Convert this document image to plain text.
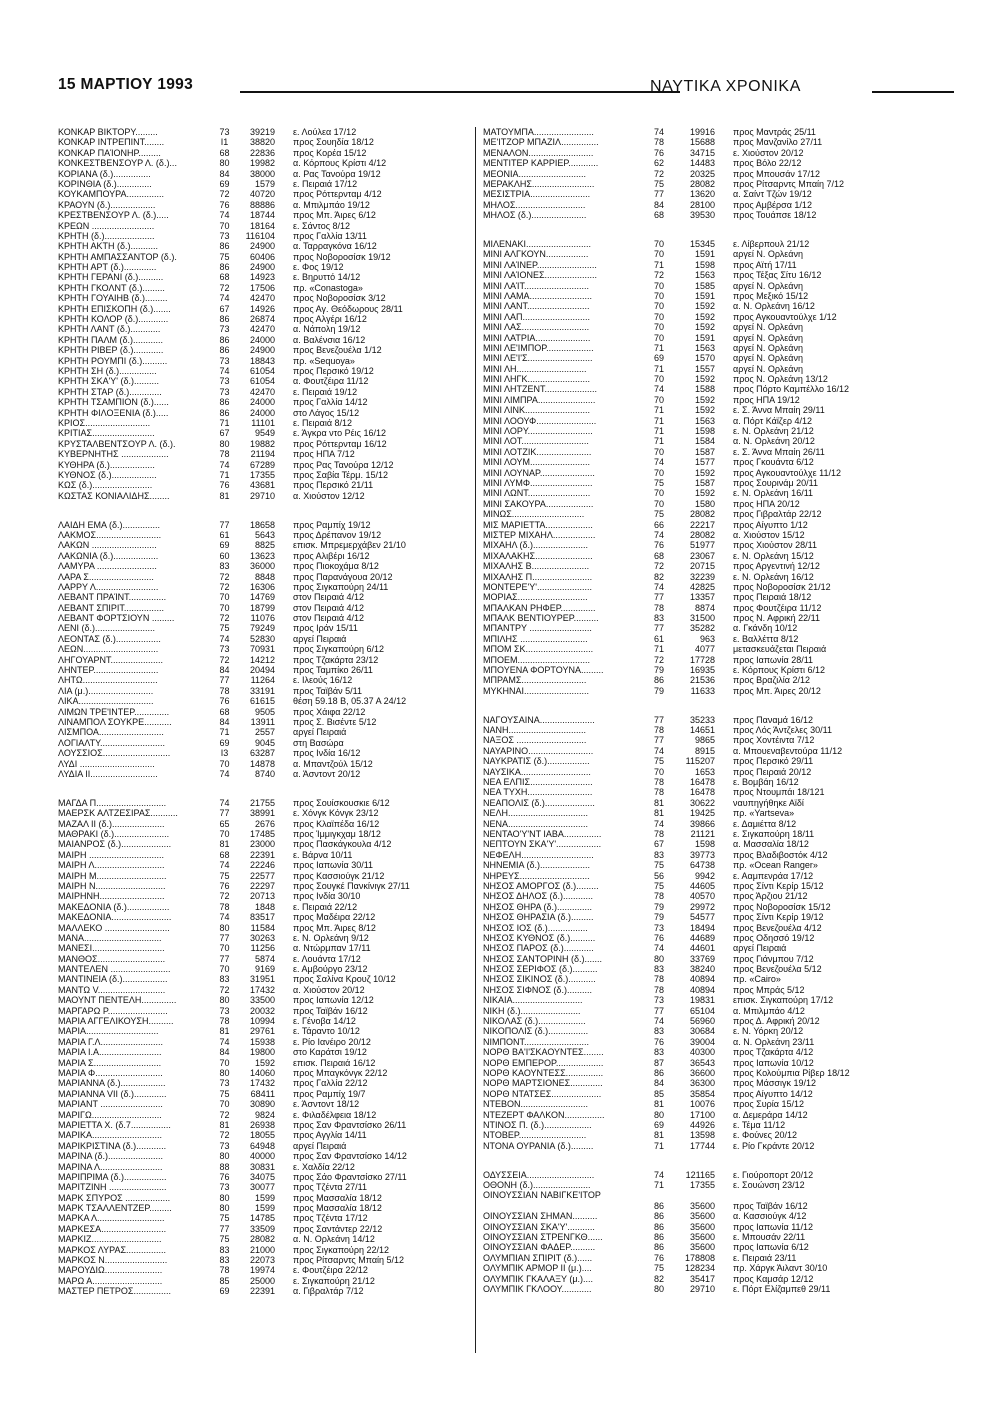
15 ΜΑΡΤΙΟΥ 1993	ΝΑΥΤΙΚΑ ΧΡΟΝΙΚΑ
ΚΟΝΚΑΡ ΒΙΚΤΟΡΥ.........	73	39219	ε. Λούλεα 17/12
ΚΟΝΚΑΡ ΙΝΤΡΕΠΙΝΤ........	Ι1	38820	προς Σουηδία 18/12
ΚΟΝΚΑΡ ΠΑΊΟΝΗΡ.........	68	22836	προς Κορέα 15/12
ΚΟΝΚΕΣΤΒΕΝΣΟΥΡ Λ. (δ.)...	80	19982	α. Κόρπους Κρίστι 4/12
ΚΟΡΙΑΝΑ (δ.)...............	84	38000	α. Ρας Τανούρα 19/12
ΚΟΡΙΝΘΙΑ (δ.)..............	69	1579	ε. Πειραιά 17/12
ΚΟΥΚΑΜΠΟΥΡΑ...............	72	40720	προς Ρόττερνταμ 4/12
ΚΡΑΟΥΝ (δ.)..................	76	88886	α. Μπιλμπάο 19/12
ΚΡΕΣΤΒΕΝΣΟΥΡ Λ. (δ.).....	74	18744	προς Μπ. Άιρες 6/12
ΚΡΕΩΝ .........................	70	18164	ε. Σάντος 8/12
ΚΡΗΤΗ (δ.)....................	73	116104	προς Γαλλία 13/11
ΚΡΗΤΗ ΑΚΤΗ (δ.)...........	86	24900	α. Ταρραγκόνα 16/12
ΚΡΗΤΗ ΑΜΠΑΣΣΑΝΤΟΡ (δ.).	75	60406	προς Νοβοροσίσκ 19/12
ΚΡΗΤΗ ΑΡΤ (δ.).............	86	24900	ε. Φος 19/12
ΚΡΗΤΗ ΓΕΡΑΝΙ (δ.)..........	68	14923	ε. Βηρυττό 14/12
ΚΡΗΤΗ ΓΚΟΛΝΤ (δ.).........	72	17506	πρ. «Conastoga»
ΚΡΗΤΗ ΓΟΥΑΙΗΒ (δ.).........	74	42470	προς Νοβοροσίσκ 3/12
ΚΡΗΤΗ ΕΠΙΣΚΟΠΗ (δ.).......	67	14926	προς Αγ. Θεόδωρους 28/11
ΚΡΗΤΗ ΚΟΛΟΡ (δ.)............	86	26874	προς Αλγέρι 16/12
ΚΡΗΤΗ ΛΑΝΤ (δ.)............	73	42470	α. Νάπολη 19/12
ΚΡΗΤΗ ΠΑΛΜ (δ.)............	86	24000	α. Βαλένσια 16/12
ΚΡΗΤΗ ΡΙΒΕΡ (δ.)............	86	24900	προς Βενεζουέλα 1/12
ΚΡΗΤΗ ΡΟΥΜΠΙ (δ.)..........	73	18843	πρ. «Sequoya»
ΚΡΗΤΗ ΣΗ (δ.)...............	74	61054	προς Περσικό 19/12
ΚΡΗΤΗ ΣΚΑ'Υ' (δ.)..........	73	61054	α. Φουτζέιρα 11/12
ΚΡΗΤΗ ΣΤΑΡ (δ.).............	73	42470	ε. Πειραιά 19/12
ΚΡΗΤΗ ΤΣΑΜΠΙΟΝ (δ.)......	86	24000	προς Γαλλία 14/12
ΚΡΗΤΗ ΦΙΛΟΞΕΝΙΑ (δ.).....	86	24000	στο Λάγος 15/12
ΚΡΙΟΣ..........................	71	11101	ε. Πειραιά 8/12
ΚΡΙΤΙΑΣ.........................	67	9549	ε. Άγκρα ντο Ρέις 16/12
ΚΡΥΣΤΑΛΒΕΝΤΣΟΥΡ Λ. (δ.).	80	19882	προς Ρόττερνταμ 16/12
ΚΥΒΕΡΝΗΤΗΣ ...................	78	21194	προς ΗΠΑ 7/12
ΚΥΘΗΡΑ (δ.)..................	74	67289	προς Ρας Τανούρα 12/12
ΚΥΘΝΟΣ (δ.)..................	71	17355	προς Σαβία Τέρμ. 15/12
ΚΩΣ (δ.)........................	76	43681	προς Περσικό 21/11
ΚΩΣΤΑΣ ΚΟΝΙΑΛΙΔΗΣ........	81	29710	α. Χιούστον 12/12
ΛΑΙΔΗ ΕΜΑ (δ.)...............	77	18658	προς Ραμπίχ 19/12
ΛΑΚΜΟΣ..........................	61	5643	προς Δρέπανον 19/12
ΛΑΚΩΝ ..........................	69	8825	επισκ. Μπρεμερχάβεν 21/10
ΛΑΚΩΝΙΑ (δ.)..................	60	13623	προς Αλιβέρι 16/12
ΛΑΜΥΡΑ ........................	83	36000	προς Πιοκοχάμα 8/12
ΛΑΡΑ Σ..........................	72	8848	προς Παρανάγουα 20/12
ΛΑΡΡΥ Λ.........................	72	16306	προς Σιγκαπούρη 24/11
ΛΕΒΑΝΤ ΠΡΑΊΝΤ...............	70	14769	στον Πειραιά 4/12
ΛΕΒΑΝΤ ΣΠΙΡΙΤ................	70	18799	στον Πειραιά 4/12
ΛΕΒΑΝΤ ΦΟΡΤΣΙΟΥΝ .........	72	11076	στον Πειραιά 4/12
ΛΕΝΙ (δ.)........................	75	79249	προς Ιράν 15/11
ΛΕΟΝΤΑΣ (δ.)..................	74	52830	αργεί Πειραιά
ΛΕΩΝ..............................	73	70931	προς Σιγκαπούρη 6/12
ΛΗΓΟΥΑΡΝΤ.....................	72	14212	προς Τζακάρτα 23/12
ΛΗΝΤΕΡ..........................	84	20494	προς Ταμπίκο 26/11
ΛΗΤΩ..............................	77	11264	ε. Ιλεούς 16/12
ΛΙΑ (μ.)..........................	78	33191	προς Ταϊβάν 5/11
ΛΙΚΑ..............................	76	61615	θέση 59.18 Β, 05.37 Α 24/12
ΛΙΜΩΝ ΤΡΕ'ΙΝΤΕΡ..............	68	9505	προς Χάιφα 22/12
ΛΙΝΑΜΠΟΛ ΣΟΥΚΡΕ...........	84	13911	προς Σ. Βισέντε 5/12
ΛΙΣΜΠΟΑ..........................	71	2557	αργεί Πειραιά
ΛΟΓΙΑΛΤΥ..........................	69	9045	στη Βασώρα
ΛΟΥΣΣΙΟΣ...........................	Ι3	63287	προς Ινδία 16/12
ΛΥΔΙ ..............................	70	14878	α. Μπαντζούλ 15/12
ΛΥΔΙΑ ΙΙ...........................	74	8740	α. Άσντοντ 20/12
ΜΑΓΔΑ Π............................	74	21755	προς Σουίσκουσκιε 6/12
ΜΑΕΡΣΚ ΑΛΤΖΕΣΙΡΑΣ...........	77	38991	ε. Χόνγκ Κόνγκ 23/12
ΜΑΖΑΛ ΙΙ (δ.).....................	65	2676	προς Κλαϊπέδα 16/12
ΜΑΘΡΑΚΙ (δ.)......................	70	17485	προς Ίμμιγκχαμ 18/12
ΜΑΙΑΝΡΟΣ (δ.)....................	81	23000	προς Πασκάγκουλα 4/12
ΜΑΙΡΗ ..............................	68	22391	ε. Βάρνα 10/11
ΜΑΙΡΗ Λ............................	74	22246	προς Ιαπωνία 30/11
ΜΑΙΡΗ Μ............................	75	22577	προς Κασσιούγκ 21/12
ΜΑΙΡΗ Ν............................	76	22297	προς Σουγκέ Πανκίνιγκ 27/11
ΜΑΙΡΗΝΗ..........................	72	20713	προς Ινδία 30/10
ΜΑΚΕΔΟΝΙΑ (δ.).................	78	1848	ε. Πειραιά 22/12
ΜΑΚΕΔΟΝΙΑ........................	74	83517	προς Μαδέιρα 22/12
ΜΑΛΛΕΚΟ ..........................	80	11584	προς Μπ. Άιρες 8/12
ΜΑΝΑ...............................	77	30263	ε. Ν. Ορλεάνη 9/12
ΜΑΝΕΣΙ.............................	70	11256	α. Ντώρμπαν 17/11
ΜΑΝΘΟΣ...........................	77	5874	ε. Λουάντα 17/12
ΜΑΝΤΕΛΕΝ ........................	70	9169	ε. Αμβούργο 23/12
ΜΑΝΤΙΝΕΙΑ (δ.)..................	83	31951	προς Σαλίνα Κρουζ 10/12
ΜΑΝΤΩ V...........................	72	17432	α. Χιούστον 20/12
ΜΑΟΥΝΤ ΠΕΝΤΕΛΗ..............	80	33500	προς Ιαπωνία 12/12
ΜΑΡΓΑΡΩ Ρ........................	73	20032	προς Ταϊβάν 16/12
ΜΑΡΙΑ ΑΓΓΕΛΙΚΟΥΣΗ..........	78	10994	ε. Γένοβα 14/12
ΜΑΡΙΑ.............................	81	29761	ε. Τάραντο 10/12
ΜΑΡΙΑ Γ.Λ.........................	74	15938	ε. Ρίο Ιανέιρο 20/12
ΜΑΡΙΑ Ι.Α.........................	84	19800	στο Καράτσι 19/12
ΜΑΡΙΑ Σ...........................	70	1592	επισκ. Πειραιά 16/12
ΜΑΡΙΑ Φ...........................	80	14060	προς Μπαγκόνγκ 22/12
ΜΑΡΙΑΝΝΑ (δ.)..................	73	17432	προς Γαλλία 22/12
ΜΑΡΙΑΝΝΑ VII (δ.).............	75	68411	προς Ραμπίχ 19/7
ΜΑΡΙΑΝΤ .........................	70	30890	ε. Άσντοντ 18/12
ΜΑΡΙΓΩ............................	72	9824	ε. Φιλαδέλφεια 18/12
ΜΑΡΙΕΤΤΑ Χ. (δ.7................	81	26938	προς Σαν Φραντσίσκο 26/11
ΜΑΡΙΚΑ............................	72	18055	προς Αγγλία 14/11
ΜΑΡΙΚΡΙΣΤΙΝΑ (δ.)............	73	64948	αργεί Πειραιά
ΜΑΡΙΝΑ (δ.)......................	80	40000	προς Σαν Φραντσίσκο 14/12
ΜΑΡΙΝΑ Λ.........................	88	30831	ε. Χαλδία 22/12
ΜΑΡΙΠΡΙΜΑ (δ.).................	76	34075	προς Σάο Φραντσίσκο 27/11
ΜΑΡΙΤΖΙΝΗ .......................	73	30077	προς Τζέντα 27/11
ΜΑΡΚ ΣΠΥΡΟΣ ..................	80	1599	προς Μασσαλία 18/12
ΜΑΡΚ ΤΣΑΛΛΕΝΤΖΕΡ.........	80	1599	προς Μασσαλία 18/12
ΜΑΡΚΑ Λ...........................	75	14785	προς Τζέντα 17/12
ΜΑΡΚΕΣΑ..........................	77	33509	προς Σαντάντερ 22/12
ΜΑΡΚΙΖ............................	75	28082	α. Ν. Ορλεάνη 14/12
ΜΑΡΚΟΣ ΛΥΡΑΣ................	83	21000	προς Σιγκαπούρη 22/12
ΜΑΡΚΟΣ Ν.........................	83	22073	προς Ρίτσαρντς Μπαίη 5/12
ΜΑΡΟΥΔΙΩ.......................	78	19974	ε. Φουτζέιρα 22/12
ΜΑΡΩ Α............................	85	25000	ε. Σιγκαπούρη 21/12
ΜΑΣΤΕΡ ΠΕΤΡΟΣ...............	69	22391	α. Γιβραλτάρ 7/12
ΜΑΤΟΥΜΠΑ........................	74	19916	προς Μαντράς 25/11
ΜΕ'ΙΤΖΟΡ ΜΠΑΖΙΛ...............	78	15688	προς Μανζανίλο 27/11
ΜΕΝΑΛΟΝ..........................	76	34715	ε. Χιούστον 20/12
ΜΕΝΤΙΤΕΡ ΚΑΡΡΙΕΡ............	62	14483	προς Βόλο 22/12
ΜΕΟΝΙΑ...........................	72	20325	προς Μπουσάν 17/12
ΜΕΡΑΚΛΗΣ.........................	75	28082	προς Ρίτσαρντς Μπαίη 7/12
ΜΕΣΙΣΤΡΙΑ........................	77	13620	α. Σαίντ Τζών 19/12
ΜΗΛΟΣ............................	84	28100	προς Αμβέρσα 1/12
ΜΗΛΟΣ (δ.)......................	68	39530	προς Τουάπσε 18/12
ΜΙΛΕΝΑΚΙ..........................	70	15345	ε. Λίβερπουλ 21/12
ΜΙΝΙ ΑΛΓΚΟΥΝ.................	70	1591	αργεί Ν. Ορλεάνη
ΜΙΝΙ ΛΑΊΝΕΡ........................	71	1598	προς Αϊτή 17/11
ΜΙΝΙ ΛΑΊΟΝΕΣ.....................	72	1563	προς Τέξας Σίτυ 16/12
ΜΙΝΙ ΛΑΊΤ..........................	70	1585	αργεί Ν. Ορλεάνη
ΜΙΝΙ ΛΑΜΑ.........................	70	1591	προς Μεξικό 15/12
ΜΙΝΙ ΛΑΝΤ.........................	70	1592	α. Ν. Ορλεάνη 16/12
ΜΙΝΙ ΛΑΠ...........................	70	1592	προς Αγκουαντούλχε 1/12
ΜΙΝΙ ΛΑΣ...........................	70	1592	αργεί Ν. Ορλεάνη
ΜΙΝΙ ΛΑΤΡΙΑ......................	70	1591	αργεί Ν. Ορλεάνη
ΜΙΝΙ ΛΕ'ΙΜΠΟΡ...................	71	1563	αργεί Ν. Ορλεάνη
ΜΙΝΙ ΛΕ'Ι'Σ..........................	69	1570	αργεί Ν. Ορλεάνη
ΜΙΝΙ ΛΗ............................	71	1557	αργεί Ν. Ορλεάνη
ΜΙΝΙ ΛΗΓΚ.........................	70	1592	προς Ν. Ορλεάνη 13/12
ΜΙΝΙ ΛΗΤΖΕΝΤ.....................	74	1588	προς Πόρτο Καμπέλλο 16/12
ΜΙΝΙ ΛΙΜΠΡΑ.......................	70	1592	προς ΗΠΑ 19/12
ΜΙΝΙ ΛΙΝΚ..........................	71	1592	ε. Σ. Άννα Μπαίη 29/11
ΜΙΝΙ ΛΟΟΥΦ........................	71	1563	α. Πόρτ Κάϊζερ 4/12
ΜΙΝΙ ΛΟΡΥ..........................	71	1598	ε. Ν. Ορλεάνη 21/12
ΜΙΝΙ ΛΟΤ...........................	71	1584	α. Ν. Ορλεάνη 20/12
ΜΙΝΙ ΛΟΤΖΙΚ......................	70	1587	ε. Σ. Άννα Μπαίη 26/11
ΜΙΝΙ ΛΟΥΜ........................	74	1577	προς Γκουάντα 6/12
ΜΙΝΙ ΛΟΥΝΑΡ......................	70	1592	προς Αγκουαντούλχε 11/12
ΜΙΝΙ ΛΥΜΦ.........................	75	1587	προς Σουρινάμ 20/11
ΜΙΝΙ ΛΩΝΤ.........................	70	1592	ε. Ν. Ορλεάνη 16/11
ΜΙΝΙ ΣΑΚΟΥΡΑ...................	70	1580	προς ΗΠΑ 20/12
ΜΙΝΩΣ.............................	75	28082	προς Γιβραλτάρ 22/12
ΜΙΣ ΜΑΡΙΕΤΤΑ...................	66	22217	προς Αίγυπτο 1/12
ΜΙΣΤΕΡ ΜΙΧΑΗΛ.................	74	28082	α. Χιούστον 15/12
ΜΙΧΑΗΛ (δ.)......................	76	51977	προς Χιούστον 28/11
ΜΙΧΑΛΑΚΗΣ.......................	68	23067	ε. Ν. Ορλεάνη 15/12
ΜΙΧΑΛΗΣ Β.......................	72	20715	προς Αργεντινή 12/12
ΜΙΧΑΛΗΣ Π........................	82	32239	ε. Ν. Ορλεάνη 16/12
ΜΟΝΤΕΡΕ'Υ'......................	74	42825	προς Νοβοροσίσκ 21/12
ΜΟΡΙΑΣ............................	77	13357	προς Πειραιά 18/12
ΜΠΑΛΚΑΝ ΡΗΦΕΡ..............	78	8874	προς Φουτζέιρα 11/12
ΜΠΑΛΚ ΒΕΝΤΙΟΥΡΕΡ..........	83	31500	προς Ν. Αφρική 22/11
ΜΠΑΝΤΡΥ .........................	77	35282	α. Γκάνδη 10/12
ΜΠΙΛΗΣ ...........................	61	963	ε. Βαλλέττα 8/12
ΜΠΟΜ ΣΚ...........................	71	4077	μετασκευάζεται Πειραιά
ΜΠΟΕΜ.............................	72	17728	προς Ιαπωνία 28/11
ΜΠΟΥΕΝΑ ΦΟΡΤΟΥΝΑ.........	79	16935	ε. Κόρπους Κρίστι 6/12
ΜΠΡΑΜΣ..........................	86	21536	προς Βραζιλία 2/12
ΜΥΚΗΝΑΙ..........................	79	11633	προς Μπ. Άιρες 20/12
ΝΑΓΟΥΣΑΙΝΑ......................	77	35233	προς Παναμά 16/12
ΝΑΝΗ...............................	78	14651	προς Λός Άντζελες 30/11
ΝΑΞΟΣ ............................	77	9865	προς Χοντέιντα 7/12
ΝΑΥΑΡΙΝΟ..........................	74	8915	α. Μπουεναβεντούρα 11/12
ΝΑΥΚΡΑΤΙΣ (δ.).................	75	115207	προς Περσικό 29/11
ΝΑΥΣΙΚΑ............................	70	1653	προς Πειραιά 20/12
ΝΕΑ ΕΛΠΙΣ.........................	78	16478	ε. Βομβάη 16/12
ΝΕΑ ΤΥΧΗ..........................	78	16478	προς Ντουμπάι 18/121
ΝΕΑΠΟΛΙΣ (δ.)....................	81	30622	ναυπηγήθηκε Αϊδί
ΝΕΛΗ................................	81	19425	πρ. «Yartseva»
ΝΕΝΑ................................	74	39866	ε. Δαμιέττα 8/12
ΝΕΝΤΑΟ'Υ'ΝΤ ΙΑΒΑ...............	78	21121	ε. Σιγκαπούρη 18/11
ΝΕΠΤΟΥΝ ΣΚΑ'Υ'..................	67	1598	α. Μασσαλία 18/12
ΝΕΦΕΛΗ.............................	83	39773	προς Βλαδιβοστόκ 4/12
ΝΗΝΕΜΙΑ (δ.)....................	75	64738	πρ. «Ocean Ranger»
ΝΗΡΕΥΣ............................	56	9942	ε. Ααμπενράα 17/12
ΝΗΣΟΣ ΑΜΟΡΓΟΣ (δ.).........	75	44605	προς Σίντι Κερίρ 15/12
ΝΗΣΟΣ ΔΗΛΟΣ (δ.)............	78	40570	προς Άρζιου 21/12
ΝΗΣΟΣ ΘΗΡΑ (δ.)..............	79	29972	προς Νοβοροσίσκ 15/12
ΝΗΣΟΣ ΘΗΡΑΣΙΑ (δ.).........	79	54577	προς Σίντι Κερίρ 19/12
ΝΗΣΟΣ ΙΟΣ (δ.)................	73	18494	προς Βενεζουέλα 4/12
ΝΗΣΟΣ ΚΥΘΝΟΣ (δ.)..........	76	44689	προς Οδησσό 19/12
ΝΗΣΟΣ ΠΑΡΟΣ (δ.)............	74	44601	αργεί Πειραιά
ΝΗΣΟΣ ΣΑΝΤΟΡΙΝΗ (δ.).......	80	33769	προς Γιάνμπου 7/12
ΝΗΣΟΣ ΣΕΡΙΦΟΣ (δ.)..........	83	38240	προς Βενεζουέλα 5/12
ΝΗΣΟΣ ΣΙΚΙΝΟΣ (δ.)...........	78	40894	πρ. «Cairo»
ΝΗΣΟΣ ΣΙΦΝΟΣ (δ.)..........	78	40894	προς Μπράς 5/12
ΝΙΚΑΙΑ............................	73	19831	επισκ. Σιγκαπούρη 17/12
ΝΙΚΗ (δ.)........................	77	65104	α. Μπιλμπάο 4/12
ΝΙΚΟΛΑΣ (δ.)...................	74	56960	προς Δ. Αφρική 20/12
ΝΙΚΟΠΟΛΙΣ (δ.)................	83	30684	ε. Ν. Υόρκη 20/12
ΝΙΜΠΟΝΤ..........................	76	39004	α. Ν. Ορλεάνη 23/11
ΝΟΡΘ ΒΑ'Ι'ΣΚΑΟΥΝΤΕΣ........	83	40300	προς Τζακάρτα 4/12
ΝΟΡΘ ΕΜΠΕΡΟΡ...................	87	36543	προς Ιαπωνία 10/12
ΝΟΡΘ ΚΑΟΥΝΤΕΣΣ...............	86	36600	προς Κολούμπια Ρίβερ 18/12
ΝΟΡΘ ΜΑΡΤΣΙΟΝΕΣ.............	84	36300	προς Μάσσιγκ 19/12
ΝΟΡΘ ΝΤΑΤΣΕΣ....................	85	35854	προς Αίγυπτο 14/12
ΝΤΕΒΟΝ...........................	81	10076	προς Συρία 15/12
ΝΤΕΖΕΡΤ ΦΑΛΚΟΝ................	80	17100	α. Δεμεράρα 14/12
ΝΤΙΝΟΣ Π. (δ.)...................	69	44926	ε. Τέμα 11/12
ΝΤΟΒΕΡ...........................	81	13598	ε. Φούνες 20/12
ΝΤΟΝΑ ΟΥΡΑΝΙΑ (δ.).........	71	17744	ε. Ρίο Γκράντε 20/12
ΟΔΥΣΣΕΙΑ...........................	74	121165	ε. Γιούροπορτ 20/12
ΟΘΟΝΗ (δ.).......................	71	17355	ε. Σουώνση 23/12
ΟΙΝΟΥΣΣΙΑΝ ΝΑΒΙΓΚΕ'ΙΤΟΡ
86	35600	προς Ταϊβάν 16/12
ΟΙΝΟΥΣΣΙΑΝ ΣΗΜΑΝ..........	86	35600	α. Κασσιούγκ 4/12
ΟΙΝΟΥΣΣΙΑΝ ΣΚΑ'Υ'...........	86	35600	προς Ιαπωνία 11/12
ΟΙΝΟΥΣΣΙΑΝ ΣΤΡΕΝΓΚΘ......	86	35600	ε. Μπουσάν 22/11
ΟΙΝΟΥΣΣΙΑΝ ΦΑΔΕΡ..........	86	35600	προς Ιαπωνία 6/12
ΟΛΥΜΠΙΑΝ ΣΠΙΡΙΤ (δ.)......	76	178808	ε. Πειραιά 23/11
ΟΛΥΜΠΙΚ ΑΡΜΟΡ ΙΙ (μ.)....	75	128234	πρ. Χάργκ Άιλαντ 30/10
ΟΛΥΜΠΙΚ ΓΚΑΛΑΞΥ (μ.)....	82	35417	προς Καμσάρ 12/12
ΟΛΥΜΠΙΚ ΓΚΛΟΟΥ............	80	29710	ε. Πόρτ Ελίζαμπεθ 29/11
